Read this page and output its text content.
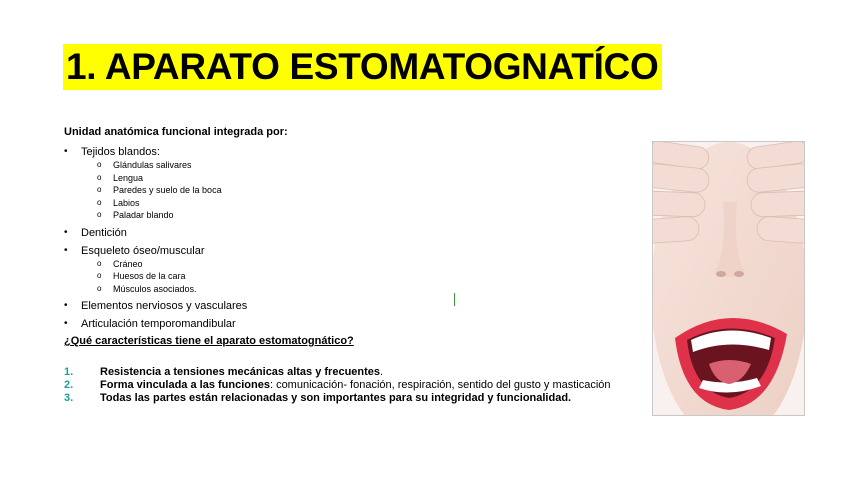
1. APARATO ESTOMATOGNATÍCO

Unidad anatómica funcional integrada por:

• Tejidos blandos:
o Glándulas salivares
o Lengua
o Paredes y suelo de la boca
o Labios
o Paladar blando
• Dentición
• Esqueleto óseo/muscular
o Cráneo
o Huesos de la cara
o Músculos asociados.
• Elementos nerviosos y vasculares
• Articulación temporomandibular

¿Qué características tiene el aparato estomatognático?

1. Resistencia a tensiones mecánicas altas y frecuentes.
2. Forma vinculada a las funciones: comunicación- fonación, respiración, sentido del gusto y masticación
3. Todas las partes están relacionadas y son importantes para su integridad y funcionalidad.
